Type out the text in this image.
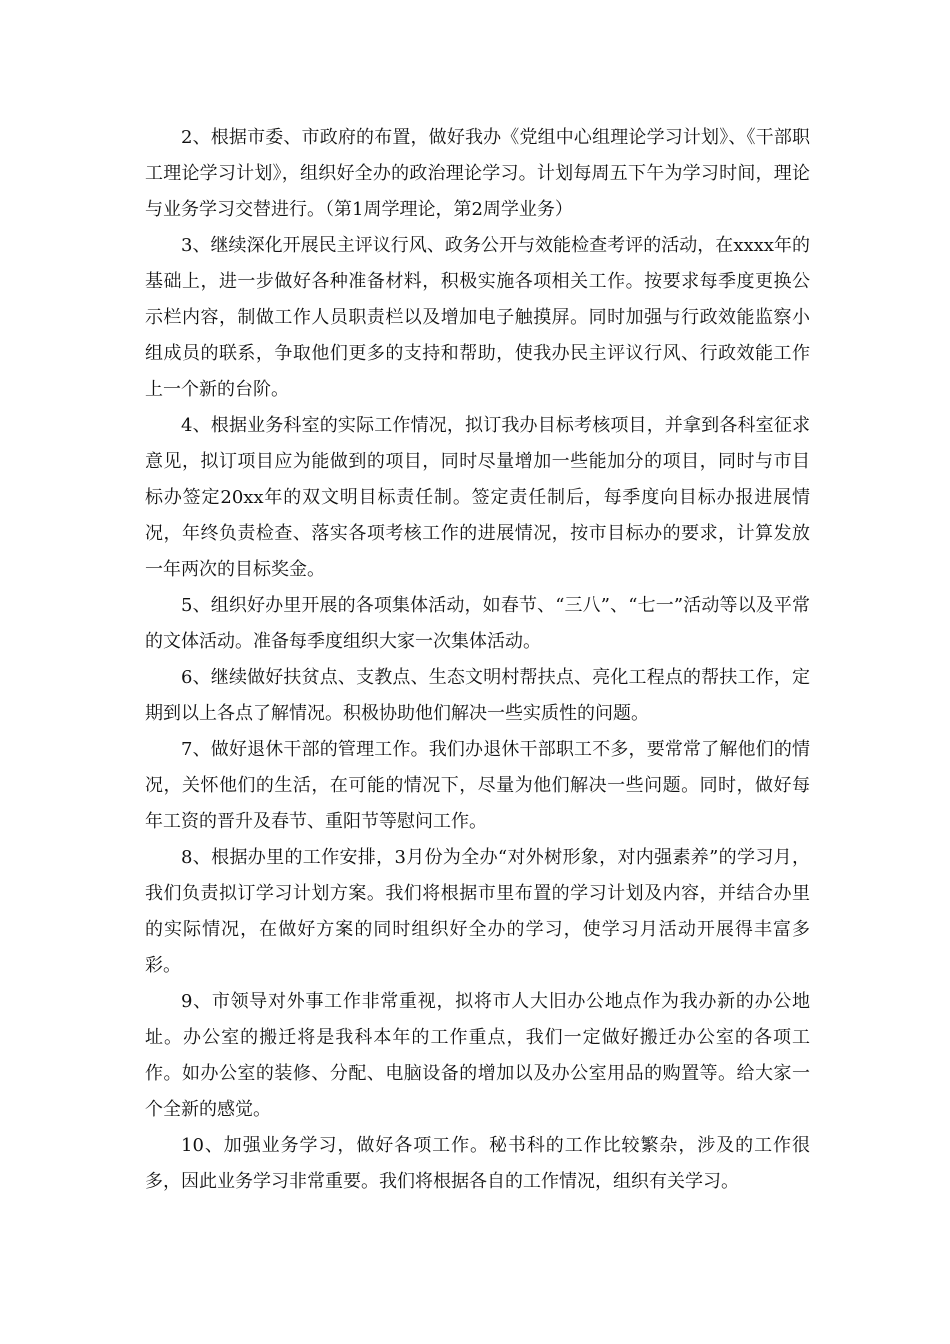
2、根据市委、市政府的布置，做好我办《党组中心组理论学习计划》、《干部职工理论学习计划》，组织好全办的政治理论学习。计划每周五下午为学习时间，理论与业务学习交替进行。（第1周学理论，第2周学业务）

3、继续深化开展民主评议行风、政务公开与效能检查考评的活动，在xxxx年的基础上，进一步做好各种准备材料，积极实施各项相关工作。按要求每季度更换公示栏内容，制做工作人员职责栏以及增加电子触摸屏。同时加强与行政效能监察小组成员的联系，争取他们更多的支持和帮助，使我办民主评议行风、行政效能工作上一个新的台阶。

4、根据业务科室的实际工作情况，拟订我办目标考核项目，并拿到各科室征求意见，拟订项目应为能做到的项目，同时尽量增加一些能加分的项目，同时与市目标办签定20xx年的双文明目标责任制。签定责任制后，每季度向目标办报进展情况，年终负责检查、落实各项考核工作的进展情况，按市目标办的要求，计算发放一年两次的目标奖金。

5、组织好办里开展的各项集体活动，如春节、“三八”、“七一”活动等以及平常的文体活动。准备每季度组织大家一次集体活动。

6、继续做好扶贫点、支教点、生态文明村帮扶点、亮化工程点的帮扶工作，定期到以上各点了解情况。积极协助他们解决一些实质性的问题。

7、做好退休干部的管理工作。我们办退休干部职工不多，要常常了解他们的情况，关怀他们的生活，在可能的情况下，尽量为他们解决一些问题。同时，做好每年工资的晋升及春节、重阳节等慰问工作。

8、根据办里的工作安排，3月份为全办“对外树形象，对内强素养”的学习月，我们负责拟订学习计划方案。我们将根据市里布置的学习计划及内容，并结合办里的实际情况，在做好方案的同时组织好全办的学习，使学习月活动开展得丰富多彩。

9、市领导对外事工作非常重视，拟将市人大旧办公地点作为我办新的办公地址。办公室的搬迁将是我科本年的工作重点，我们一定做好搬迁办公室的各项工作。如办公室的装修、分配、电脑设备的增加以及办公室用品的购置等。给大家一个全新的感觉。

10、加强业务学习，做好各项工作。秘书科的工作比较繁杂，涉及的工作很多，因此业务学习非常重要。我们将根据各自的工作情况，组织有关学习。
